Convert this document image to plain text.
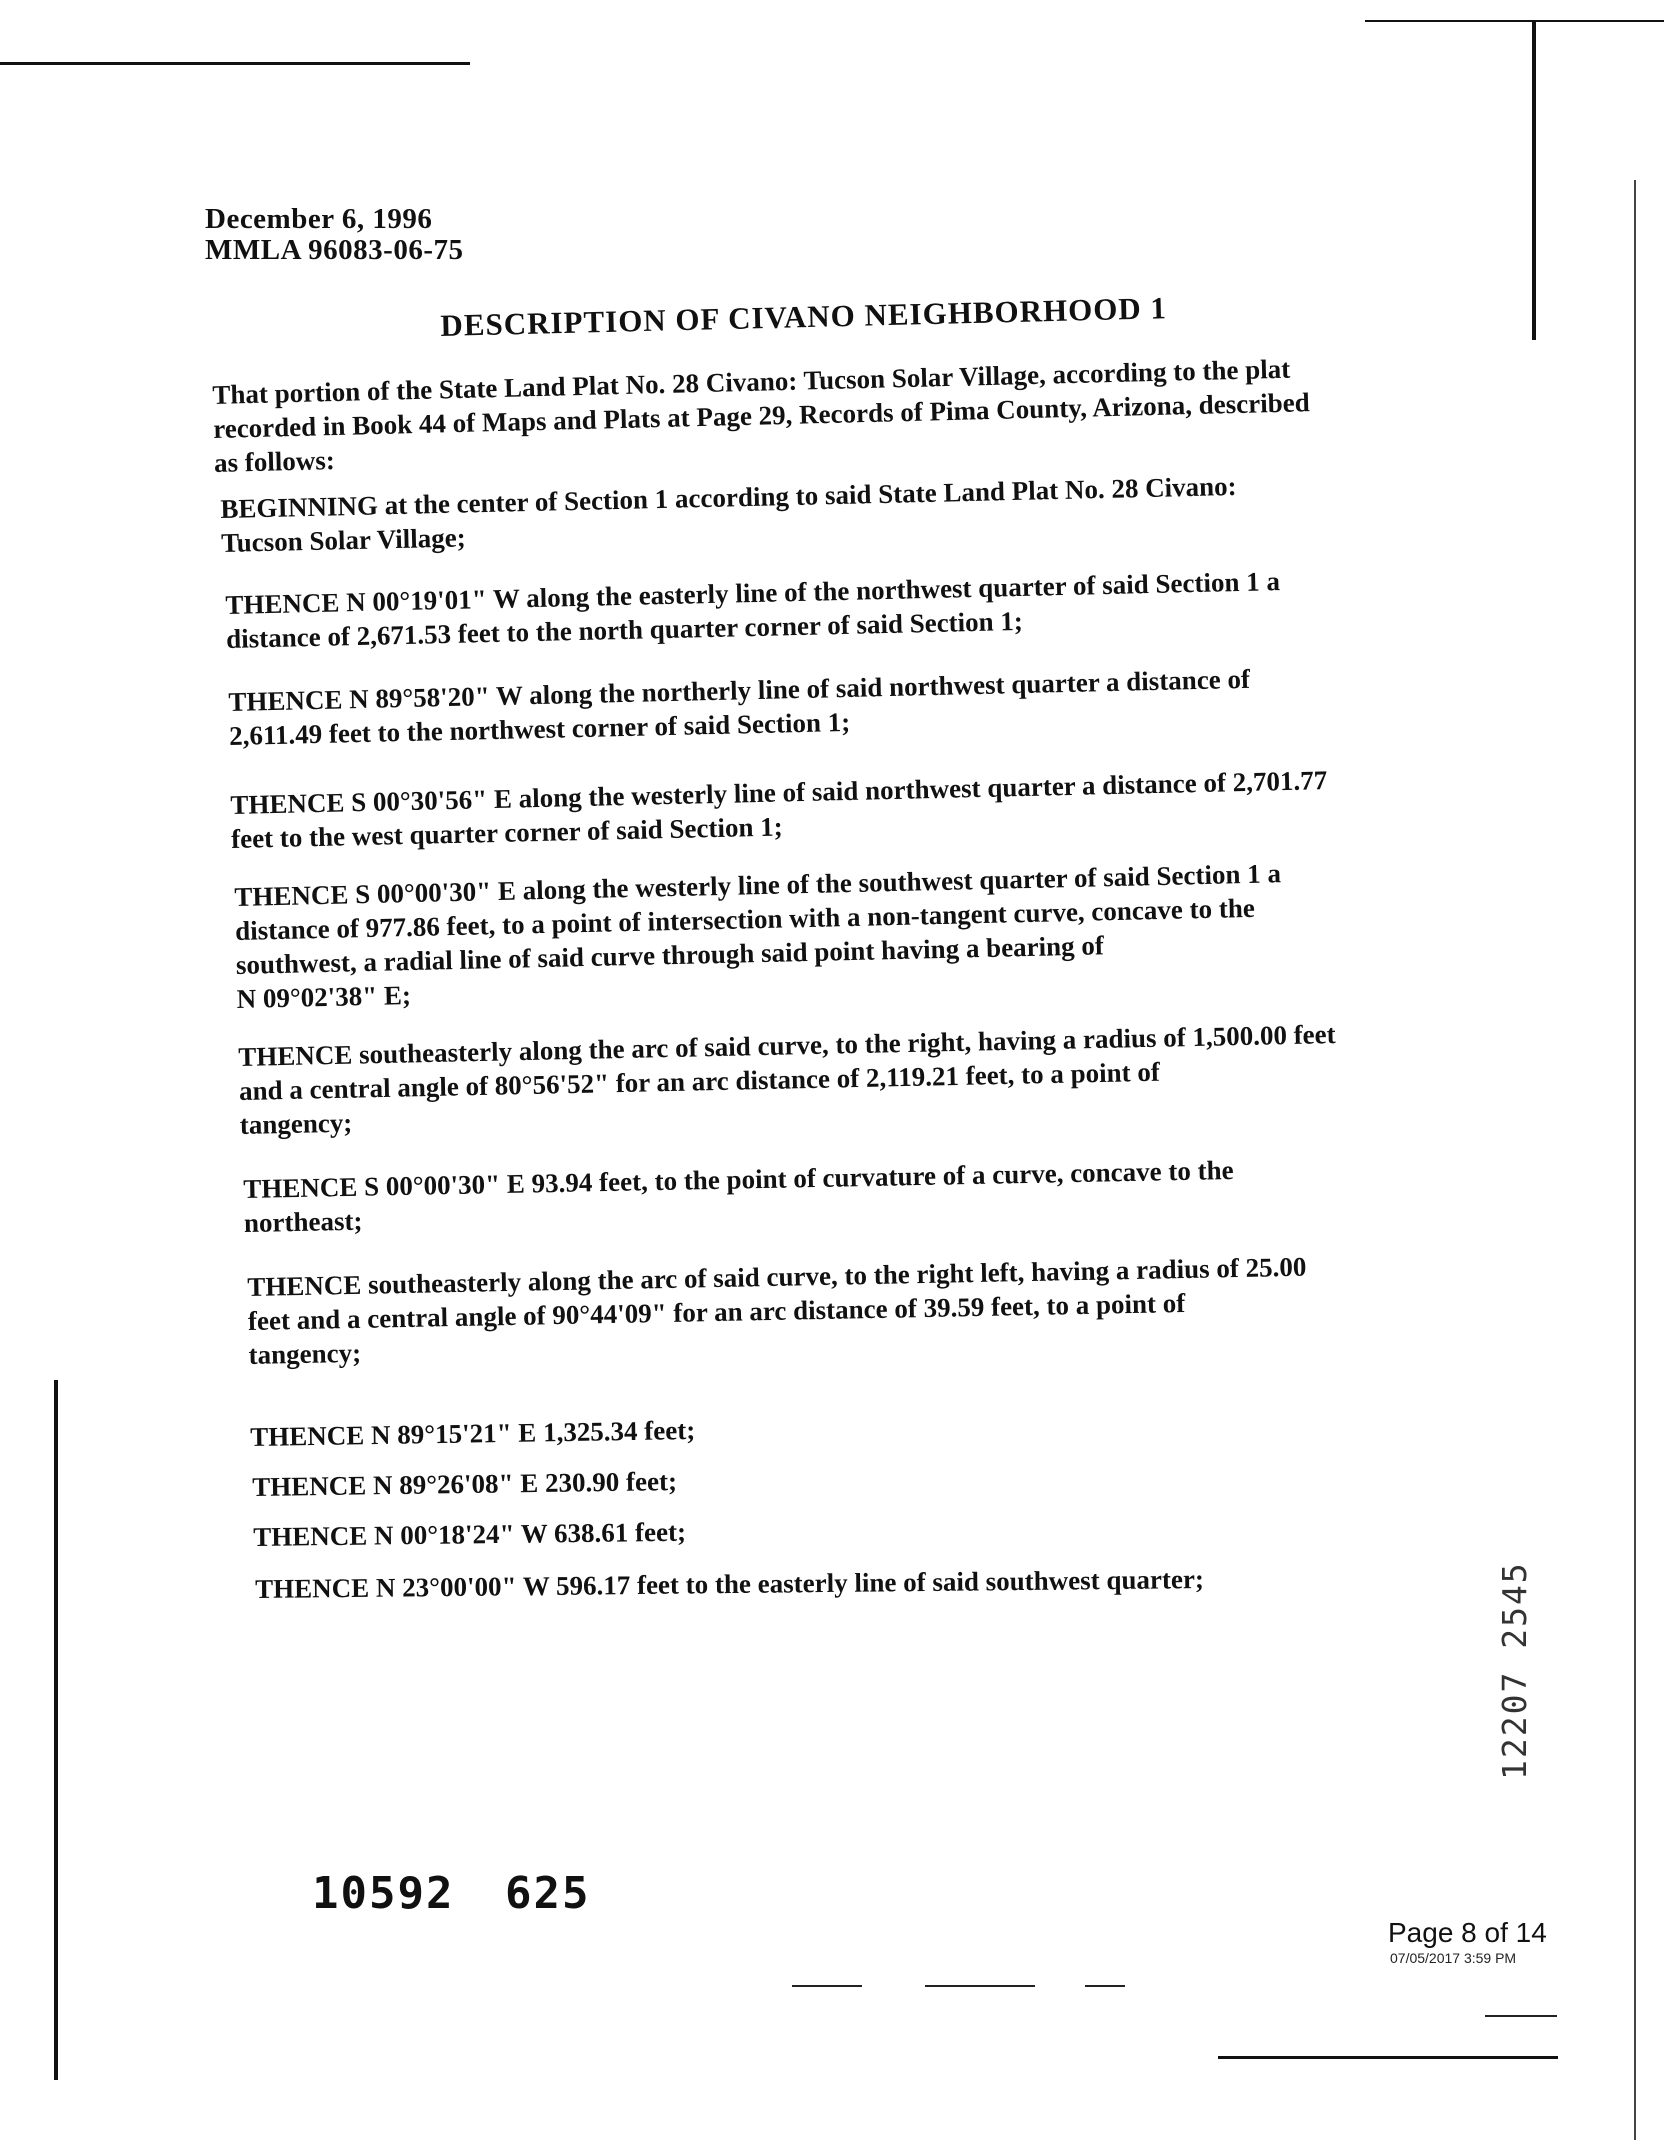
December 6, 1996
MMLA 96083-06-75
DESCRIPTION OF CIVANO NEIGHBORHOOD 1
That portion of the State Land Plat No. 28 Civano: Tucson Solar Village, according to the plat
recorded in Book 44 of Maps and Plats at Page 29, Records of Pima County, Arizona, described
as follows:
BEGINNING at the center of Section 1 according to said State Land Plat No. 28 Civano:
Tucson Solar Village;
THENCE N 00°19'01" W along the easterly line of the northwest quarter of said Section 1 a
distance of 2,671.53 feet to the north quarter corner of said Section 1;
THENCE N 89°58'20" W along the northerly line of said northwest quarter a distance of
2,611.49 feet to the northwest corner of said Section 1;
THENCE S 00°30'56" E along the westerly line of said northwest quarter a distance of 2,701.77
feet to the west quarter corner of said Section 1;
THENCE S 00°00'30" E along the westerly line of the southwest quarter of said Section 1 a
distance of 977.86 feet, to a point of intersection with a non-tangent curve, concave to the
southwest, a radial line of said curve through said point having a bearing of
N 09°02'38" E;
THENCE southeasterly along the arc of said curve, to the right, having a radius of 1,500.00 feet
and a central angle of 80°56'52" for an arc distance of 2,119.21 feet, to a point of
tangency;
THENCE S 00°00'30" E 93.94 feet, to the point of curvature of a curve, concave to the
northeast;
THENCE southeasterly along the arc of said curve, to the right left, having a radius of 25.00
feet and a central angle of 90°44'09" for an arc distance of 39.59 feet, to a point of
tangency;
THENCE N 89°15'21" E 1,325.34 feet;
THENCE N 89°26'08" E 230.90 feet;
THENCE N 00°18'24" W 638.61 feet;
THENCE N 23°00'00" W 596.17 feet to the easterly line of said southwest quarter;
10592 625
12207 2545
Page 8 of 14
07/05/2017 3:59 PM
